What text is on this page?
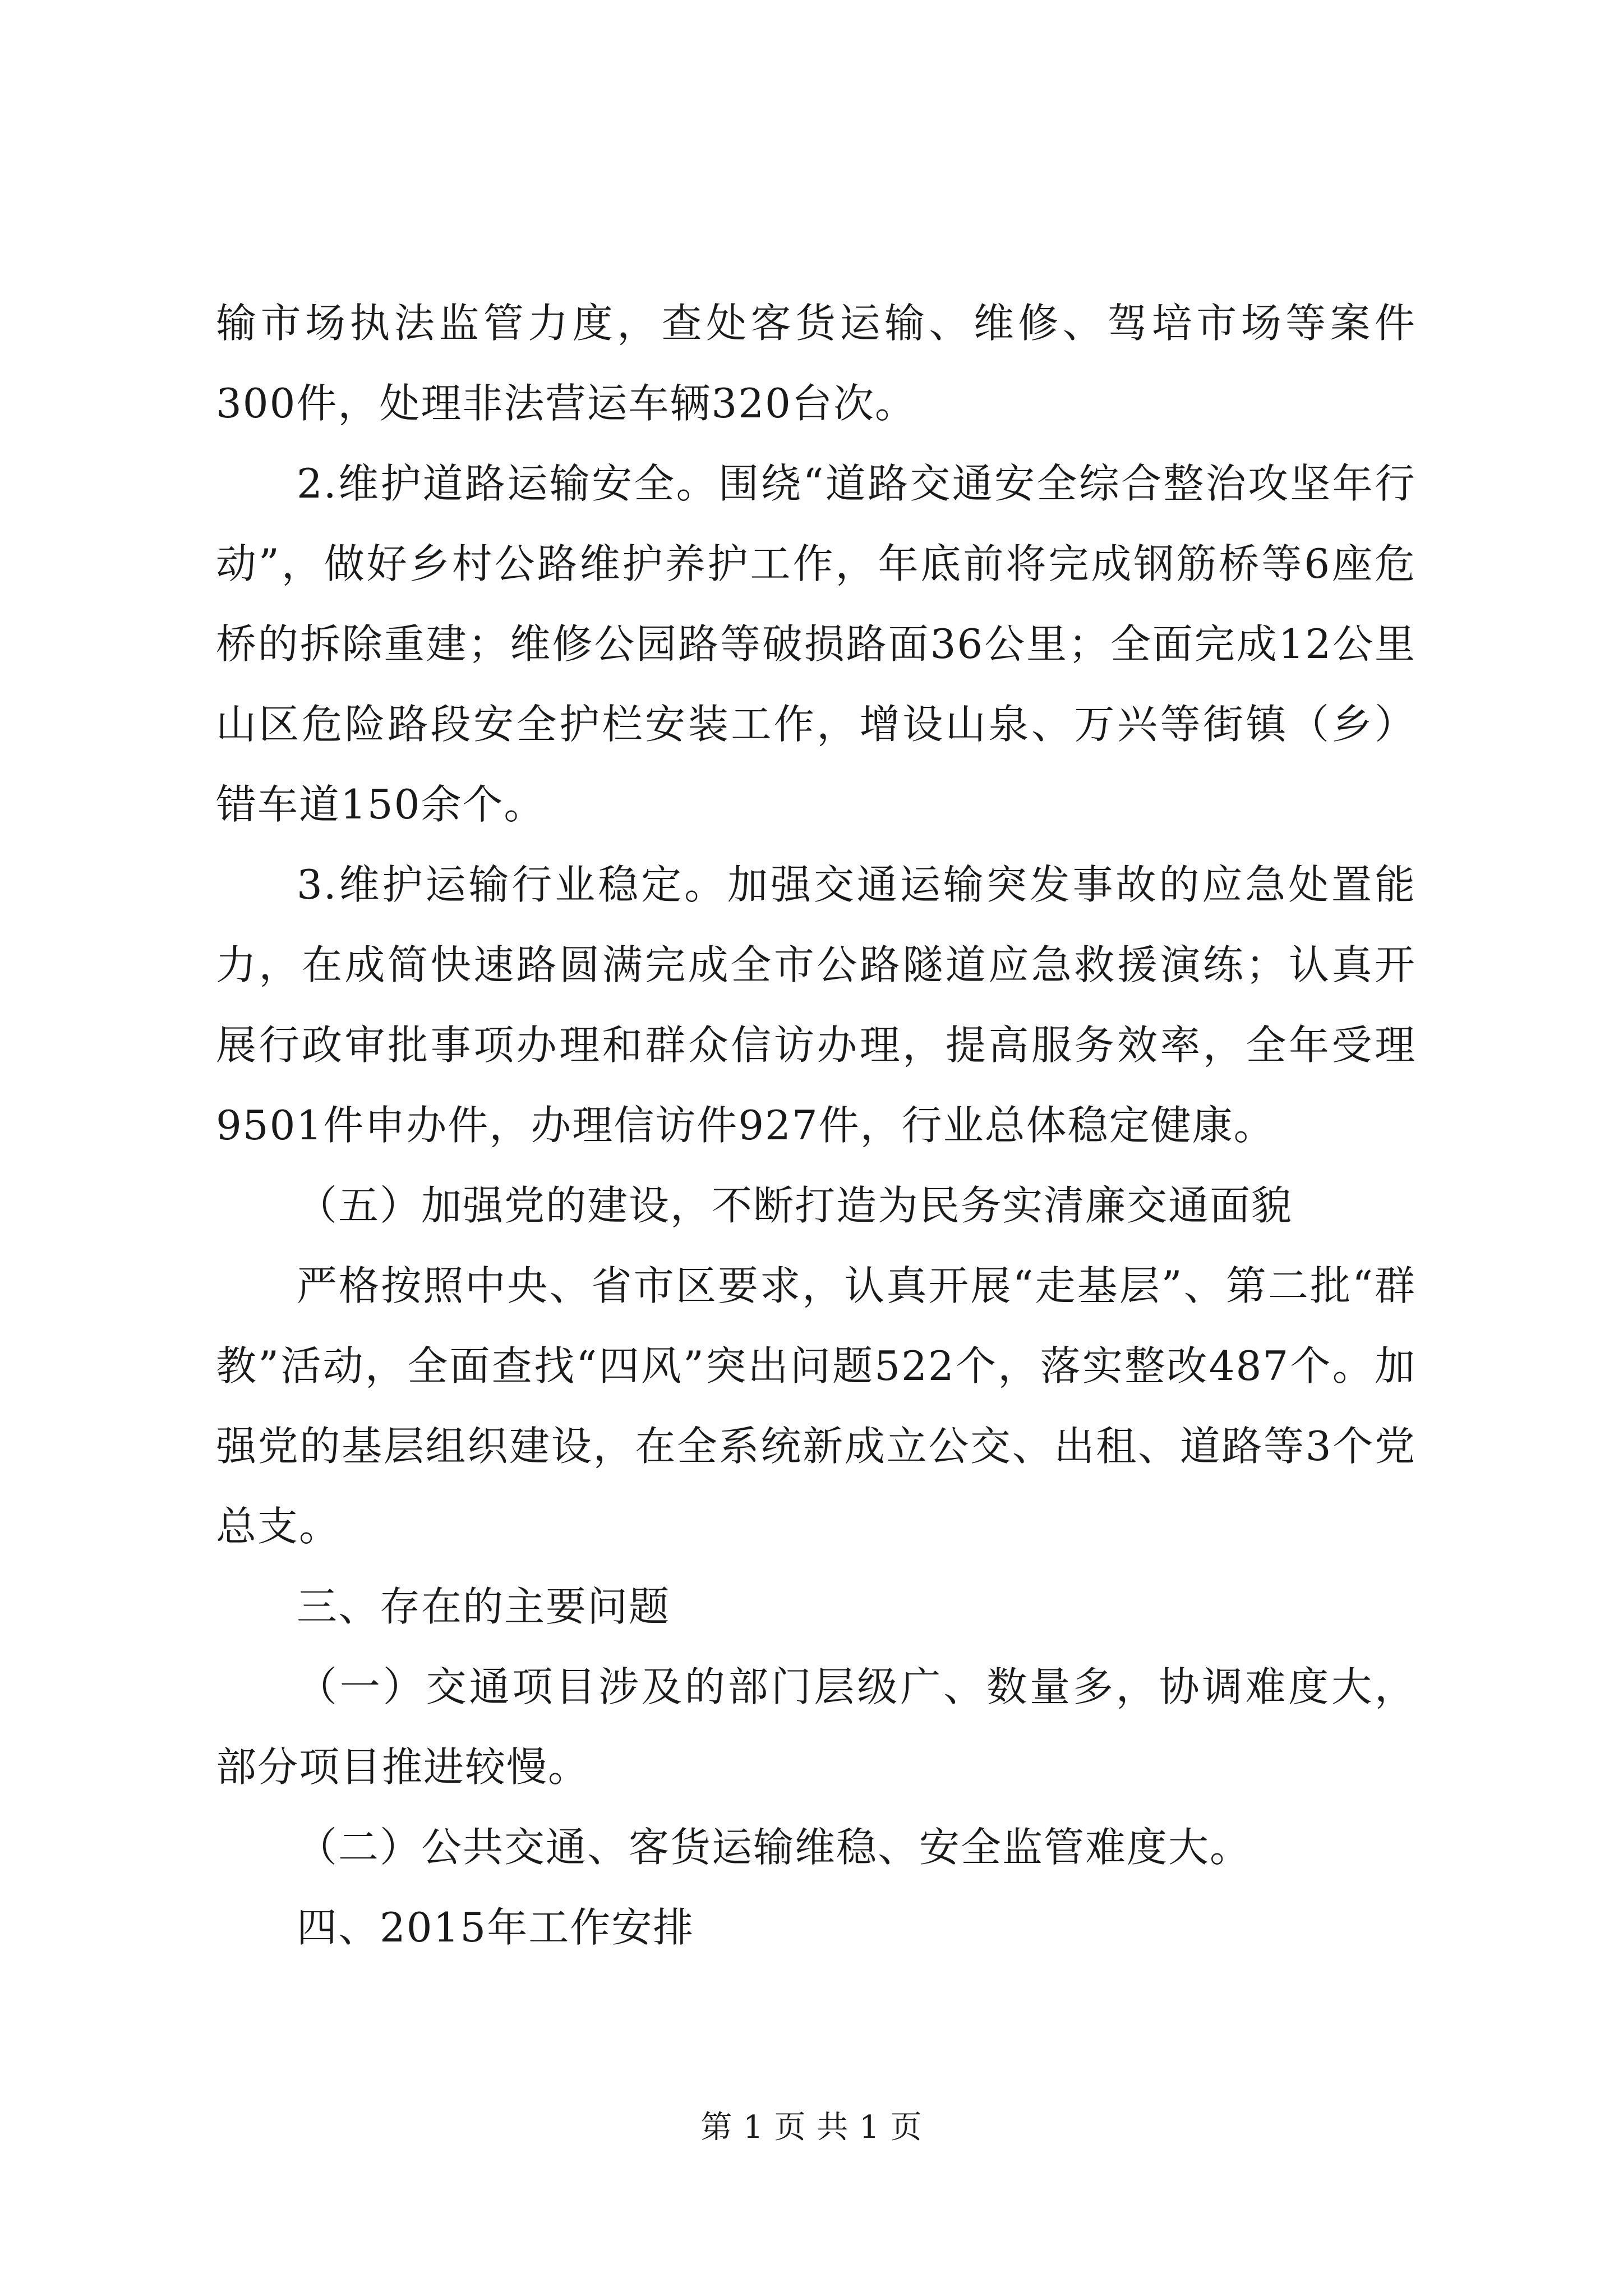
输市场执法监管力度，查处客货运输、维修、驾培市场等案件300件，处理非法营运车辆320台次。

2.维护道路运输安全。围绕“道路交通安全综合整治攻坚年行动”，做好乡村公路维护养护工作，年底前将完成钢筋桥等6座危桥的拆除重建；维修公园路等破损路面36公里；全面完成12公里山区危险路段安全护栏安装工作，增设山泉、万兴等街镇（乡）错车道150余个。

3.维护运输行业稳定。加强交通运输突发事故的应急处置能力，在成简快速路圆满完成全市公路隧道应急救援演练；认真开展行政审批事项办理和群众信访办理，提高服务效率，全年受理9501件申办件，办理信访件927件，行业总体稳定健康。

（五）加强党的建设，不断打造为民务实清廉交通面貌

严格按照中央、省市区要求，认真开展“走基层”、第二批“群教”活动，全面查找“四风”突出问题522个，落实整改487个。加强党的基层组织建设，在全系统新成立公交、出租、道路等3个党总支。

三、存在的主要问题

（一）交通项目涉及的部门层级广、数量多，协调难度大，部分项目推进较慢。

（二）公共交通、客货运输维稳、安全监管难度大。

四、2015年工作安排

第 1 页 共 1 页
